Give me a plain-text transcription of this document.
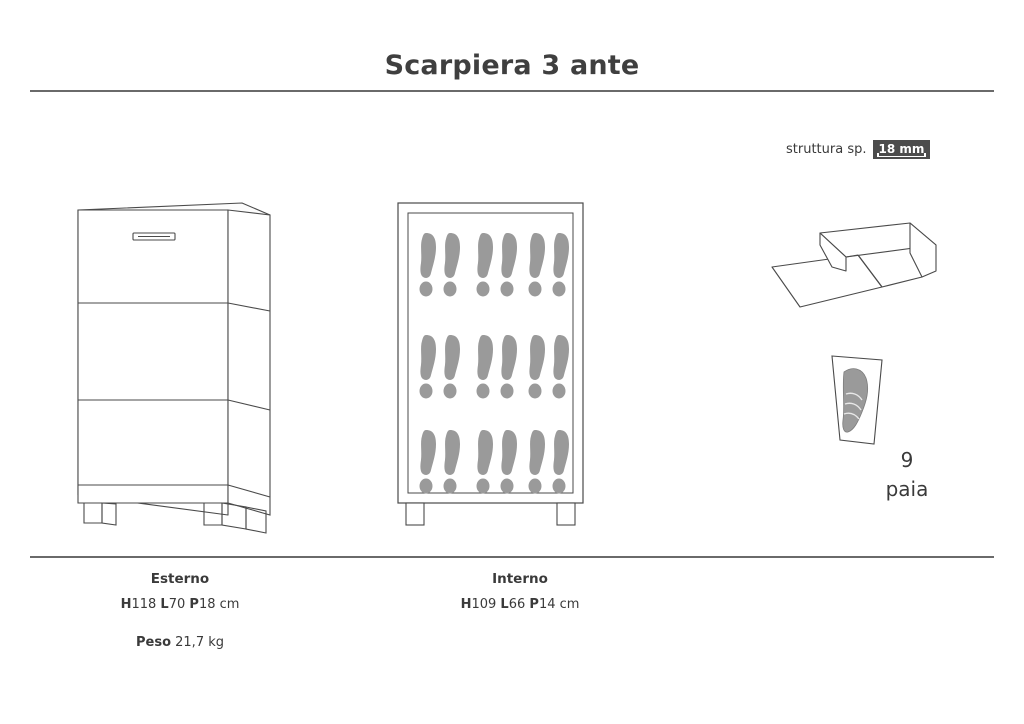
Scarpiera 3 ante
struttura sp.	18 mm
9
paia
Esterno
H118 L70 P18 cm
Peso 21,7 kg
Interno
H109 L66 P14 cm
